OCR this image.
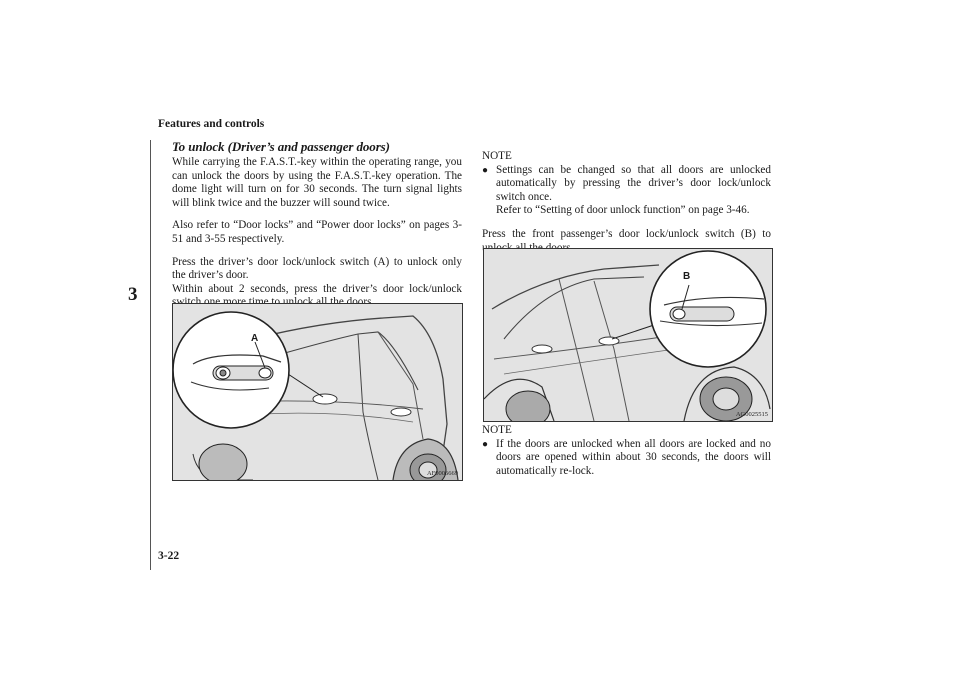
Features and controls
3
3-22
To unlock (Driver’s and passenger doors)

While carrying the F.A.S.T.-key within the operating range, you can unlock the doors by using the F.A.S.T.-key operation. The dome light will turn on for 30 seconds. The turn signal lights will blink twice and the buzzer will sound twice.

Also refer to “Door locks” and “Power door locks” on pages 3-51 and 3-55 respectively.

Press the driver’s door lock/unlock switch (A) to unlock only the driver’s door.

Within about 2 seconds, press the driver’s door lock/unlock

A
AF0006669
NOTE
● Settings can be changed so that all doors are unlocked automatically by pressing the driver’s door lock/unlock switch once.
Refer to “Setting of door unlock function” on page 3-46.

Press the front passenger’s door lock/unlock switch (B) to

B
AG0025515
NOTE
● If the doors are unlocked when all doors are locked and no doors are opened within about 30 seconds, the doors will automatically re-lock.
